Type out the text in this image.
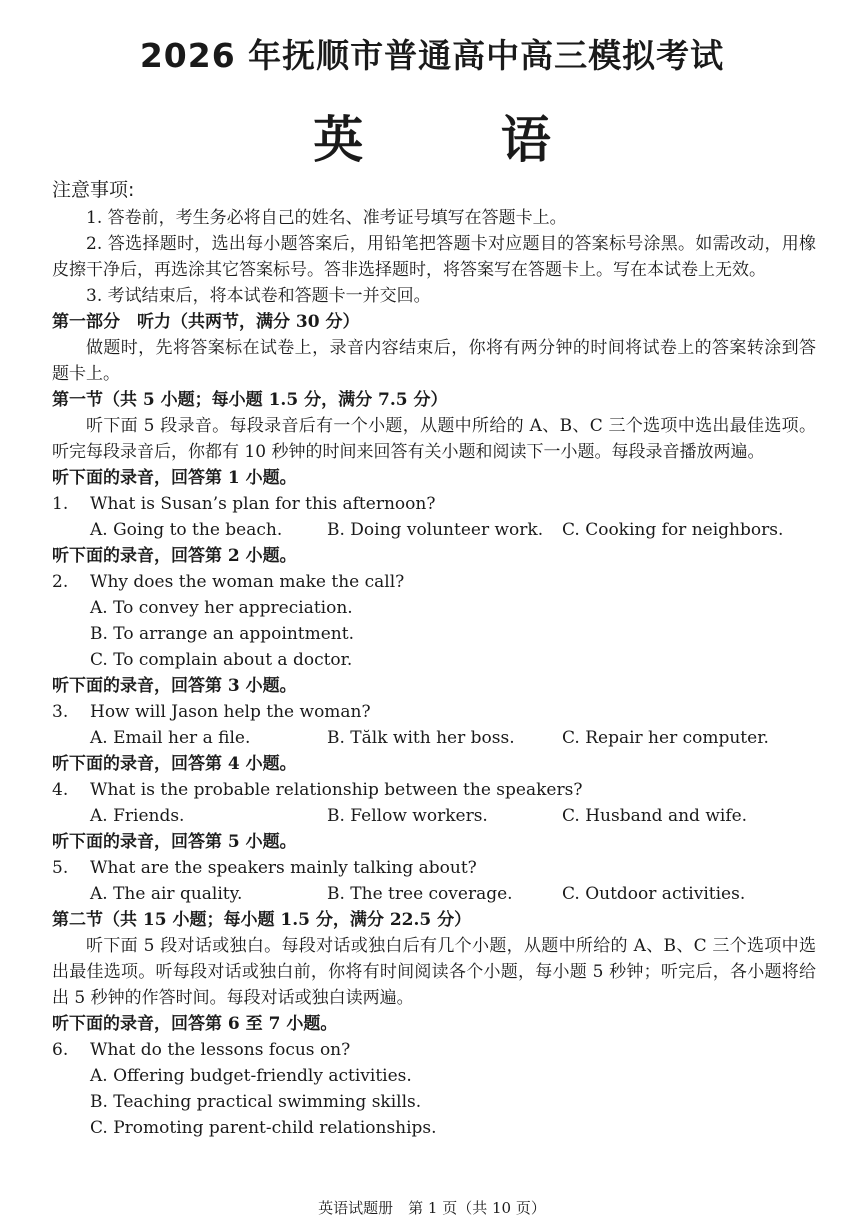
2026 年抚顺市普通高中高三模拟考试
英 语
注意事项:
1. 答卷前，考生务必将自己的姓名、准考证号填写在答题卡上。
2. 答选择题时，选出每小题答案后，用铅笔把答题卡对应题目的答案标号涂黑。如需改动，用橡皮擦干净后，再选涂其它答案标号。答非选择题时，将答案写在答题卡上。写在本试卷上无效。
3. 考试结束后，将本试卷和答题卡一并交回。
第一部分　听力（共两节，满分 30 分）
做题时，先将答案标在试卷上，录音内容结束后，你将有两分钟的时间将试卷上的答案转涂到答题卡上。
第一节（共 5 小题；每小题 1.5 分，满分 7.5 分）
听下面 5 段录音。每段录音后有一个小题，从题中所给的 A、B、C 三个选项中选出最佳选项。听完每段录音后，你都有 10 秒钟的时间来回答有关小题和阅读下一小题。每段录音播放两遍。
听下面的录音，回答第 1 小题。
1.	What is Susan’s plan for this afternoon?
A. Going to the beach.	B. Doing volunteer work.	C. Cooking for neighbors.
听下面的录音，回答第 2 小题。
2.	Why does the woman make the call?
A. To convey her appreciation.
B. To arrange an appointment.
C. To complain about a doctor.
听下面的录音，回答第 3 小题。
3.	How will Jason help the woman?
A. Email her a file.	B. Tălk with her boss.	C. Repair her computer.
听下面的录音，回答第 4 小题。
4.	What is the probable relationship between the speakers?
A. Friends.	B. Fellow workers.	C. Husband and wife.
听下面的录音，回答第 5 小题。
5.	What are the speakers mainly talking about?
A. The air quality.	B. The tree coverage.	C. Outdoor activities.
第二节（共 15 小题；每小题 1.5 分，满分 22.5 分）
听下面 5 段对话或独白。每段对话或独白后有几个小题，从题中所给的 A、B、C 三个选项中选出最佳选项。听每段对话或独白前，你将有时间阅读各个小题，每小题 5 秒钟；听完后，各小题将给出 5 秒钟的作答时间。每段对话或独白读两遍。
听下面的录音，回答第 6 至 7 小题。
6.	What do the lessons focus on?
A. Offering budget-friendly activities.
B. Teaching practical swimming skills.
C. Promoting parent-child relationships.
英语试题册　第 1 页（共 10 页）
